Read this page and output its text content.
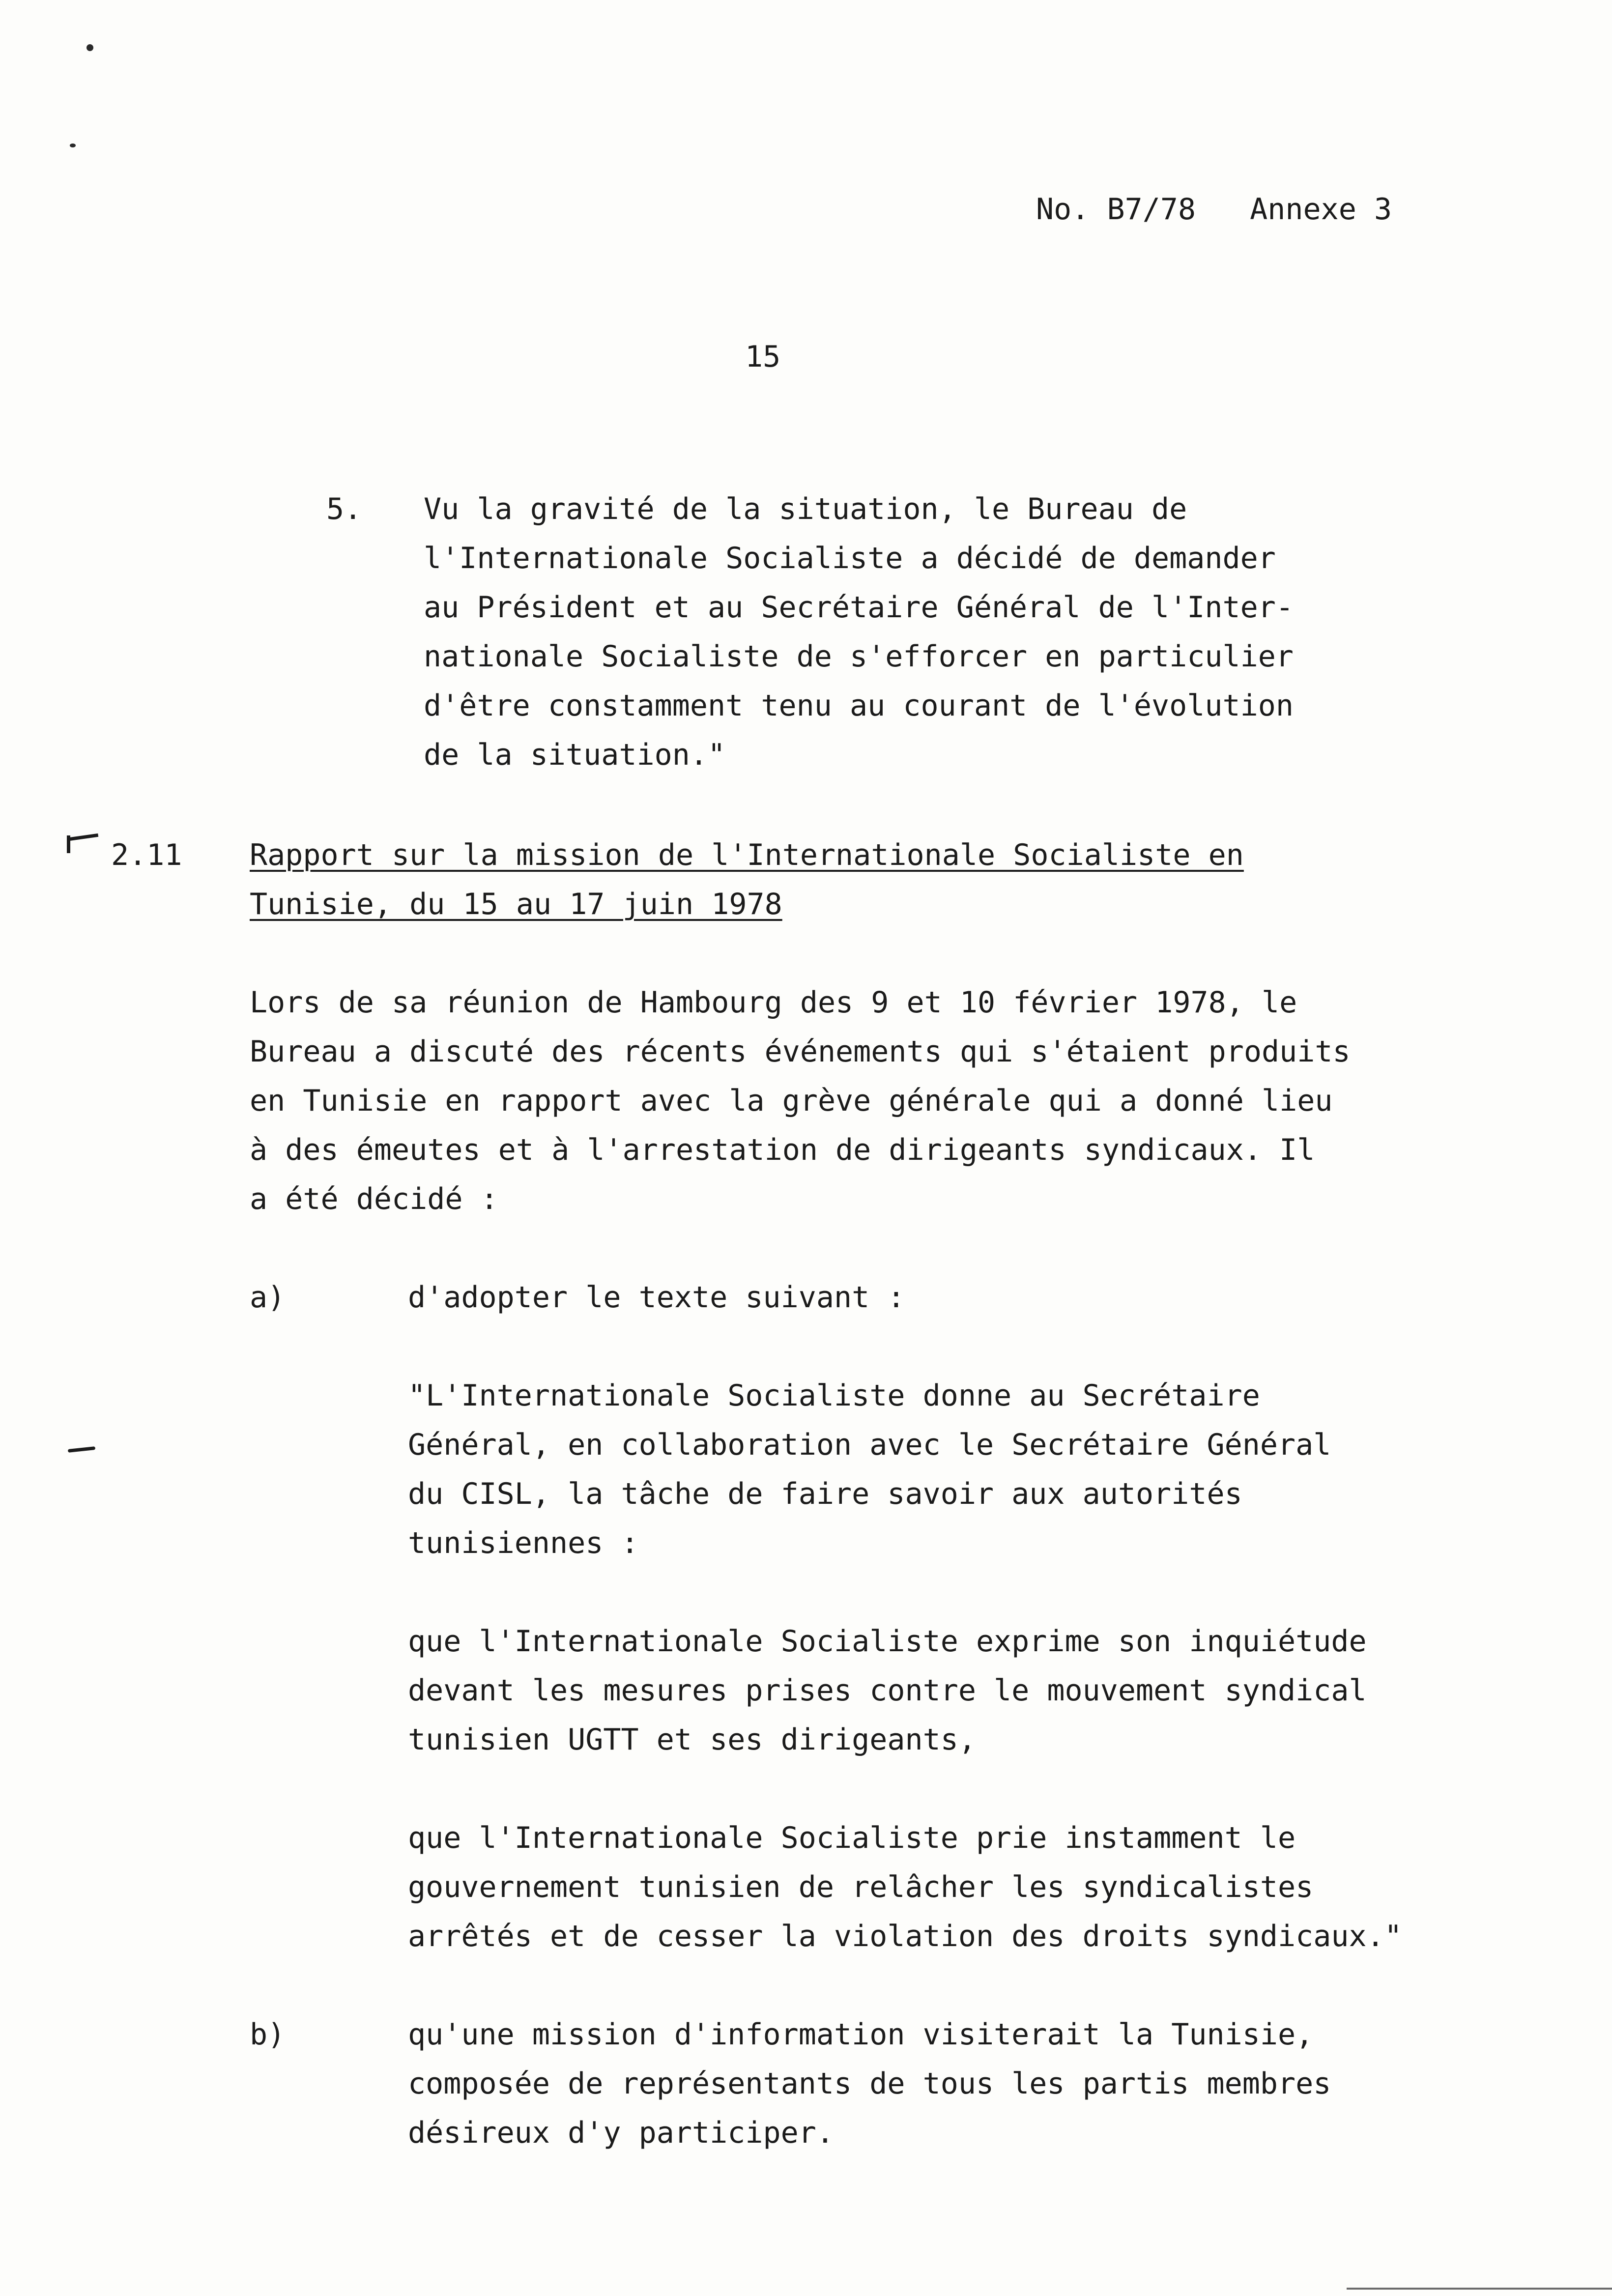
No. B7/78 Annexe 3
15
5. Vu la gravité de la situation, le Bureau de
l'Internationale Socialiste a décidé de demander
au Président et au Secrétaire Général de l'Inter-
nationale Socialiste de s'efforcer en particulier
d'être constamment tenu au courant de l'évolution
de la situation."
2.11 Rapport sur la mission de l'Internationale Socialiste en
Tunisie, du 15 au 17 juin 1978
Lors de sa réunion de Hambourg des 9 et 10 février 1978, le
Bureau a discuté des récents événements qui s'étaient produits
en Tunisie en rapport avec la grève générale qui a donné lieu
à des émeutes et à l'arrestation de dirigeants syndicaux. Il
a été décidé :
a)	d'adopter le texte suivant :
"L'Internationale Socialiste donne au Secrétaire
Général, en collaboration avec le Secrétaire Général
du CISL, la tâche de faire savoir aux autorités
tunisiennes :
que l'Internationale Socialiste exprime son inquiétude
devant les mesures prises contre le mouvement syndical
tunisien UGTT et ses dirigeants,
que l'Internationale Socialiste prie instamment le
gouvernement tunisien de relâcher les syndicalistes
arrêtés et de cesser la violation des droits syndicaux."
b)	qu'une mission d'information visiterait la Tunisie,
composée de représentants de tous les partis membres
désireux d'y participer.
